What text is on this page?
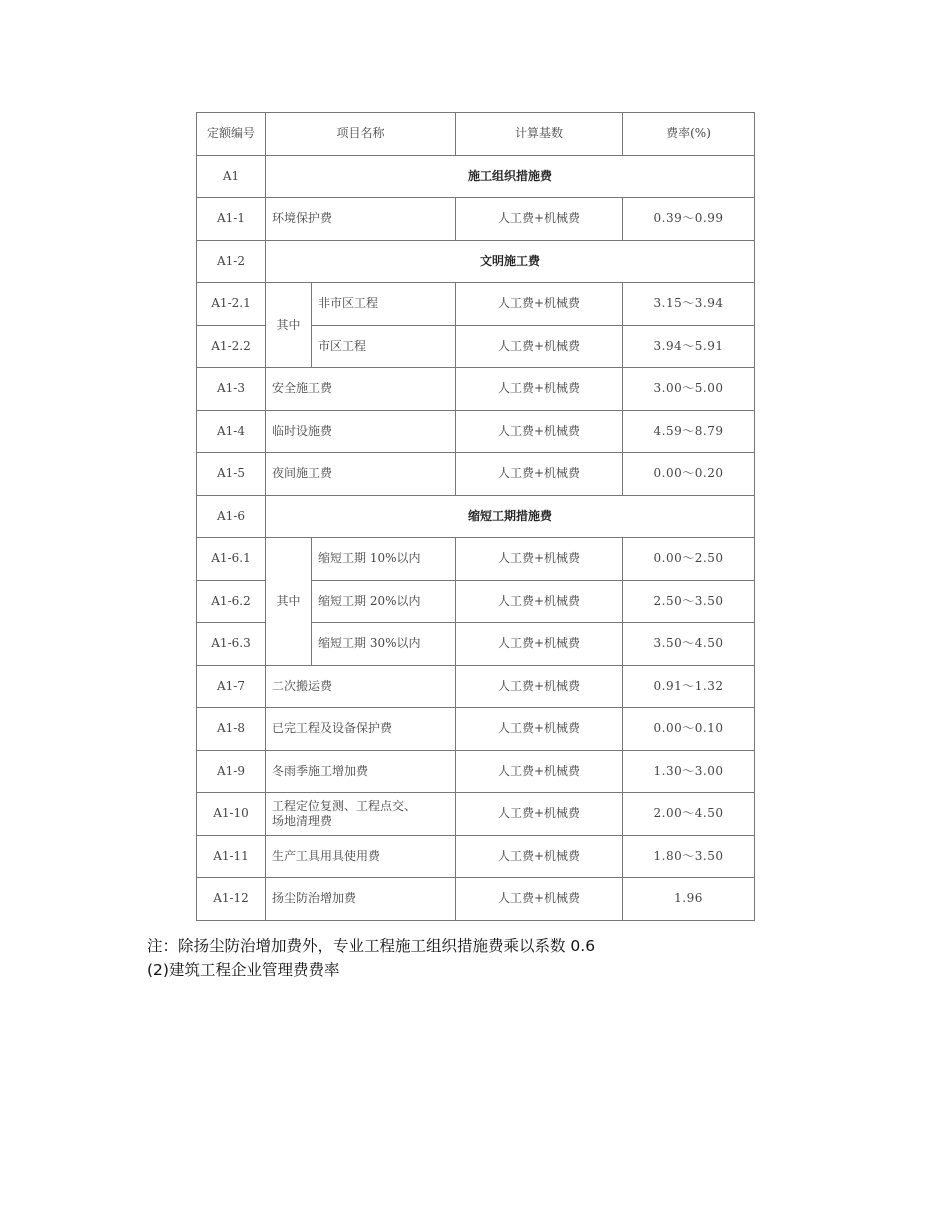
定额编号	项目名称		计算基数	费率(%)
A1	施工组织措施费			
A1-1	环境保护费		人工费+机械费	0.39～0.99
A1-2	文明施工费			
A1-2.1	其中	非市区工程	人工费+机械费	3.15～3.94
A1-2.2		市区工程	人工费+机械费	3.94～5.91
A1-3	安全施工费		人工费+机械费	3.00～5.00
A1-4	临时设施费		人工费+机械费	4.59～8.79
A1-5	夜间施工费		人工费+机械费	0.00～0.20
A1-6	缩短工期措施费			
A1-6.1	其中	缩短工期 10%以内	人工费+机械费	0.00～2.50
A1-6.2		缩短工期 20%以内	人工费+机械费	2.50～3.50
A1-6.3		缩短工期 30%以内	人工费+机械费	3.50～4.50
A1-7	二次搬运费		人工费+机械费	0.91～1.32
A1-8	已完工程及设备保护费		人工费+机械费	0.00～0.10
A1-9	冬雨季施工增加费		人工费+机械费	1.30～3.00
A1-10	工程定位复测、工程点交、
场地清理费		人工费+机械费	2.00～4.50
A1-11	生产工具用具使用费		人工费+机械费	1.80～3.50
A1-12	扬尘防治增加费		人工费+机械费	1.96
注：除扬尘防治增加费外，专业工程施工组织措施费乘以系数 0.6
(2)建筑工程企业管理费费率
